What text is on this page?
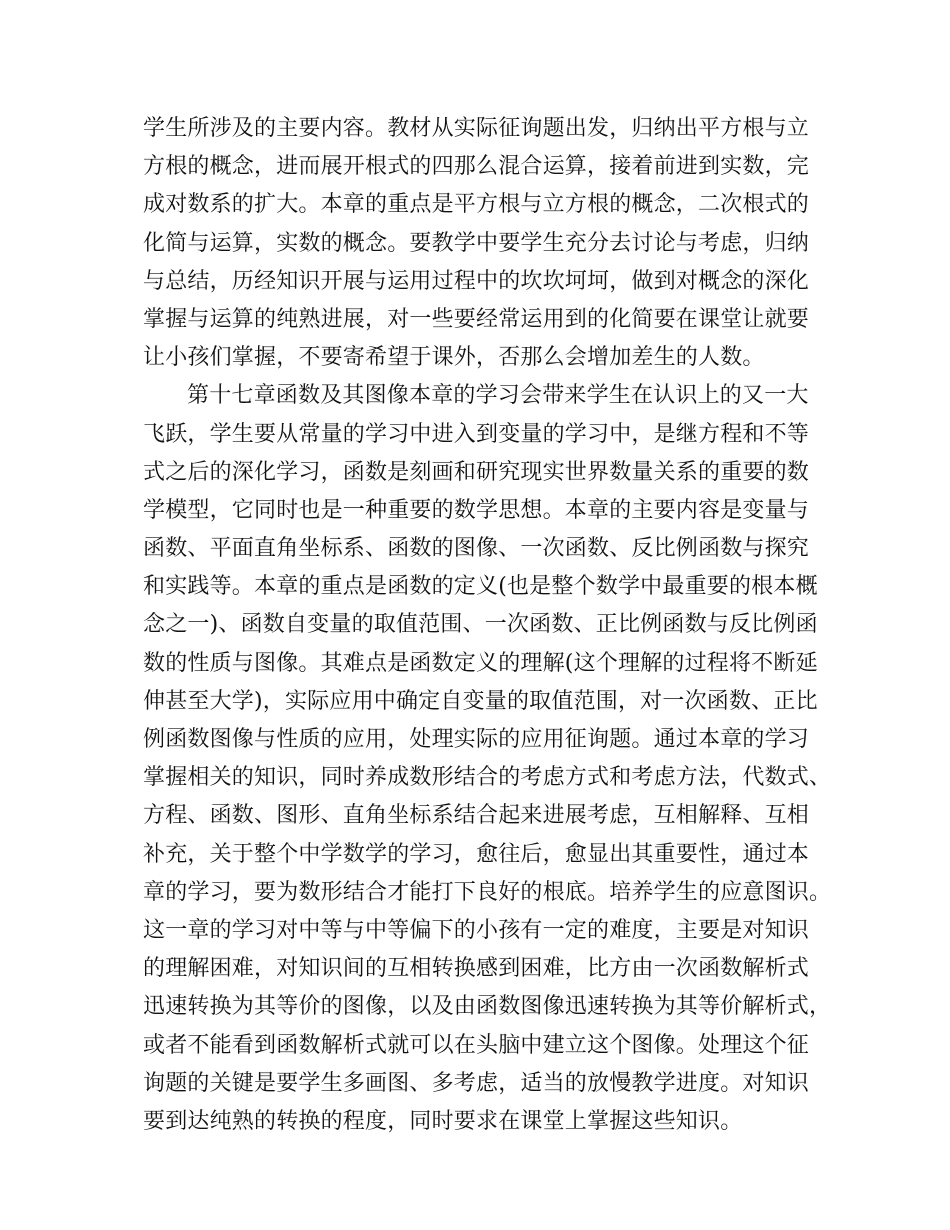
学生所涉及的主要内容。教材从实际征询题出发，归纳出平方根与立
方根的概念，进而展开根式的四那么混合运算，接着前进到实数，完
成对数系的扩大。本章的重点是平方根与立方根的概念，二次根式的
化简与运算，实数的概念。要教学中要学生充分去讨论与考虑，归纳
与总结，历经知识开展与运用过程中的坎坎坷坷，做到对概念的深化
掌握与运算的纯熟进展，对一些要经常运用到的化简要在课堂让就要
让小孩们掌握，不要寄希望于课外，否那么会增加差生的人数。
第十七章函数及其图像本章的学习会带来学生在认识上的又一大
飞跃，学生要从常量的学习中进入到变量的学习中，是继方程和不等
式之后的深化学习，函数是刻画和研究现实世界数量关系的重要的数
学模型，它同时也是一种重要的数学思想。本章的主要内容是变量与
函数、平面直角坐标系、函数的图像、一次函数、反比例函数与探究
和实践等。本章的重点是函数的定义(也是整个数学中最重要的根本概
念之一)、函数自变量的取值范围、一次函数、正比例函数与反比例函
数的性质与图像。其难点是函数定义的理解(这个理解的过程将不断延
伸甚至大学)，实际应用中确定自变量的取值范围，对一次函数、正比
例函数图像与性质的应用，处理实际的应用征询题。通过本章的学习
掌握相关的知识，同时养成数形结合的考虑方式和考虑方法，代数式、
方程、函数、图形、直角坐标系结合起来进展考虑，互相解释、互相
补充，关于整个中学数学的学习，愈往后，愈显出其重要性，通过本
章的学习，要为数形结合才能打下良好的根底。培养学生的应意图识。
这一章的学习对中等与中等偏下的小孩有一定的难度，主要是对知识
的理解困难，对知识间的互相转换感到困难，比方由一次函数解析式
迅速转换为其等价的图像，以及由函数图像迅速转换为其等价解析式，
或者不能看到函数解析式就可以在头脑中建立这个图像。处理这个征
询题的关键是要学生多画图、多考虑，适当的放慢教学进度。对知识
要到达纯熟的转换的程度，同时要求在课堂上掌握这些知识。
